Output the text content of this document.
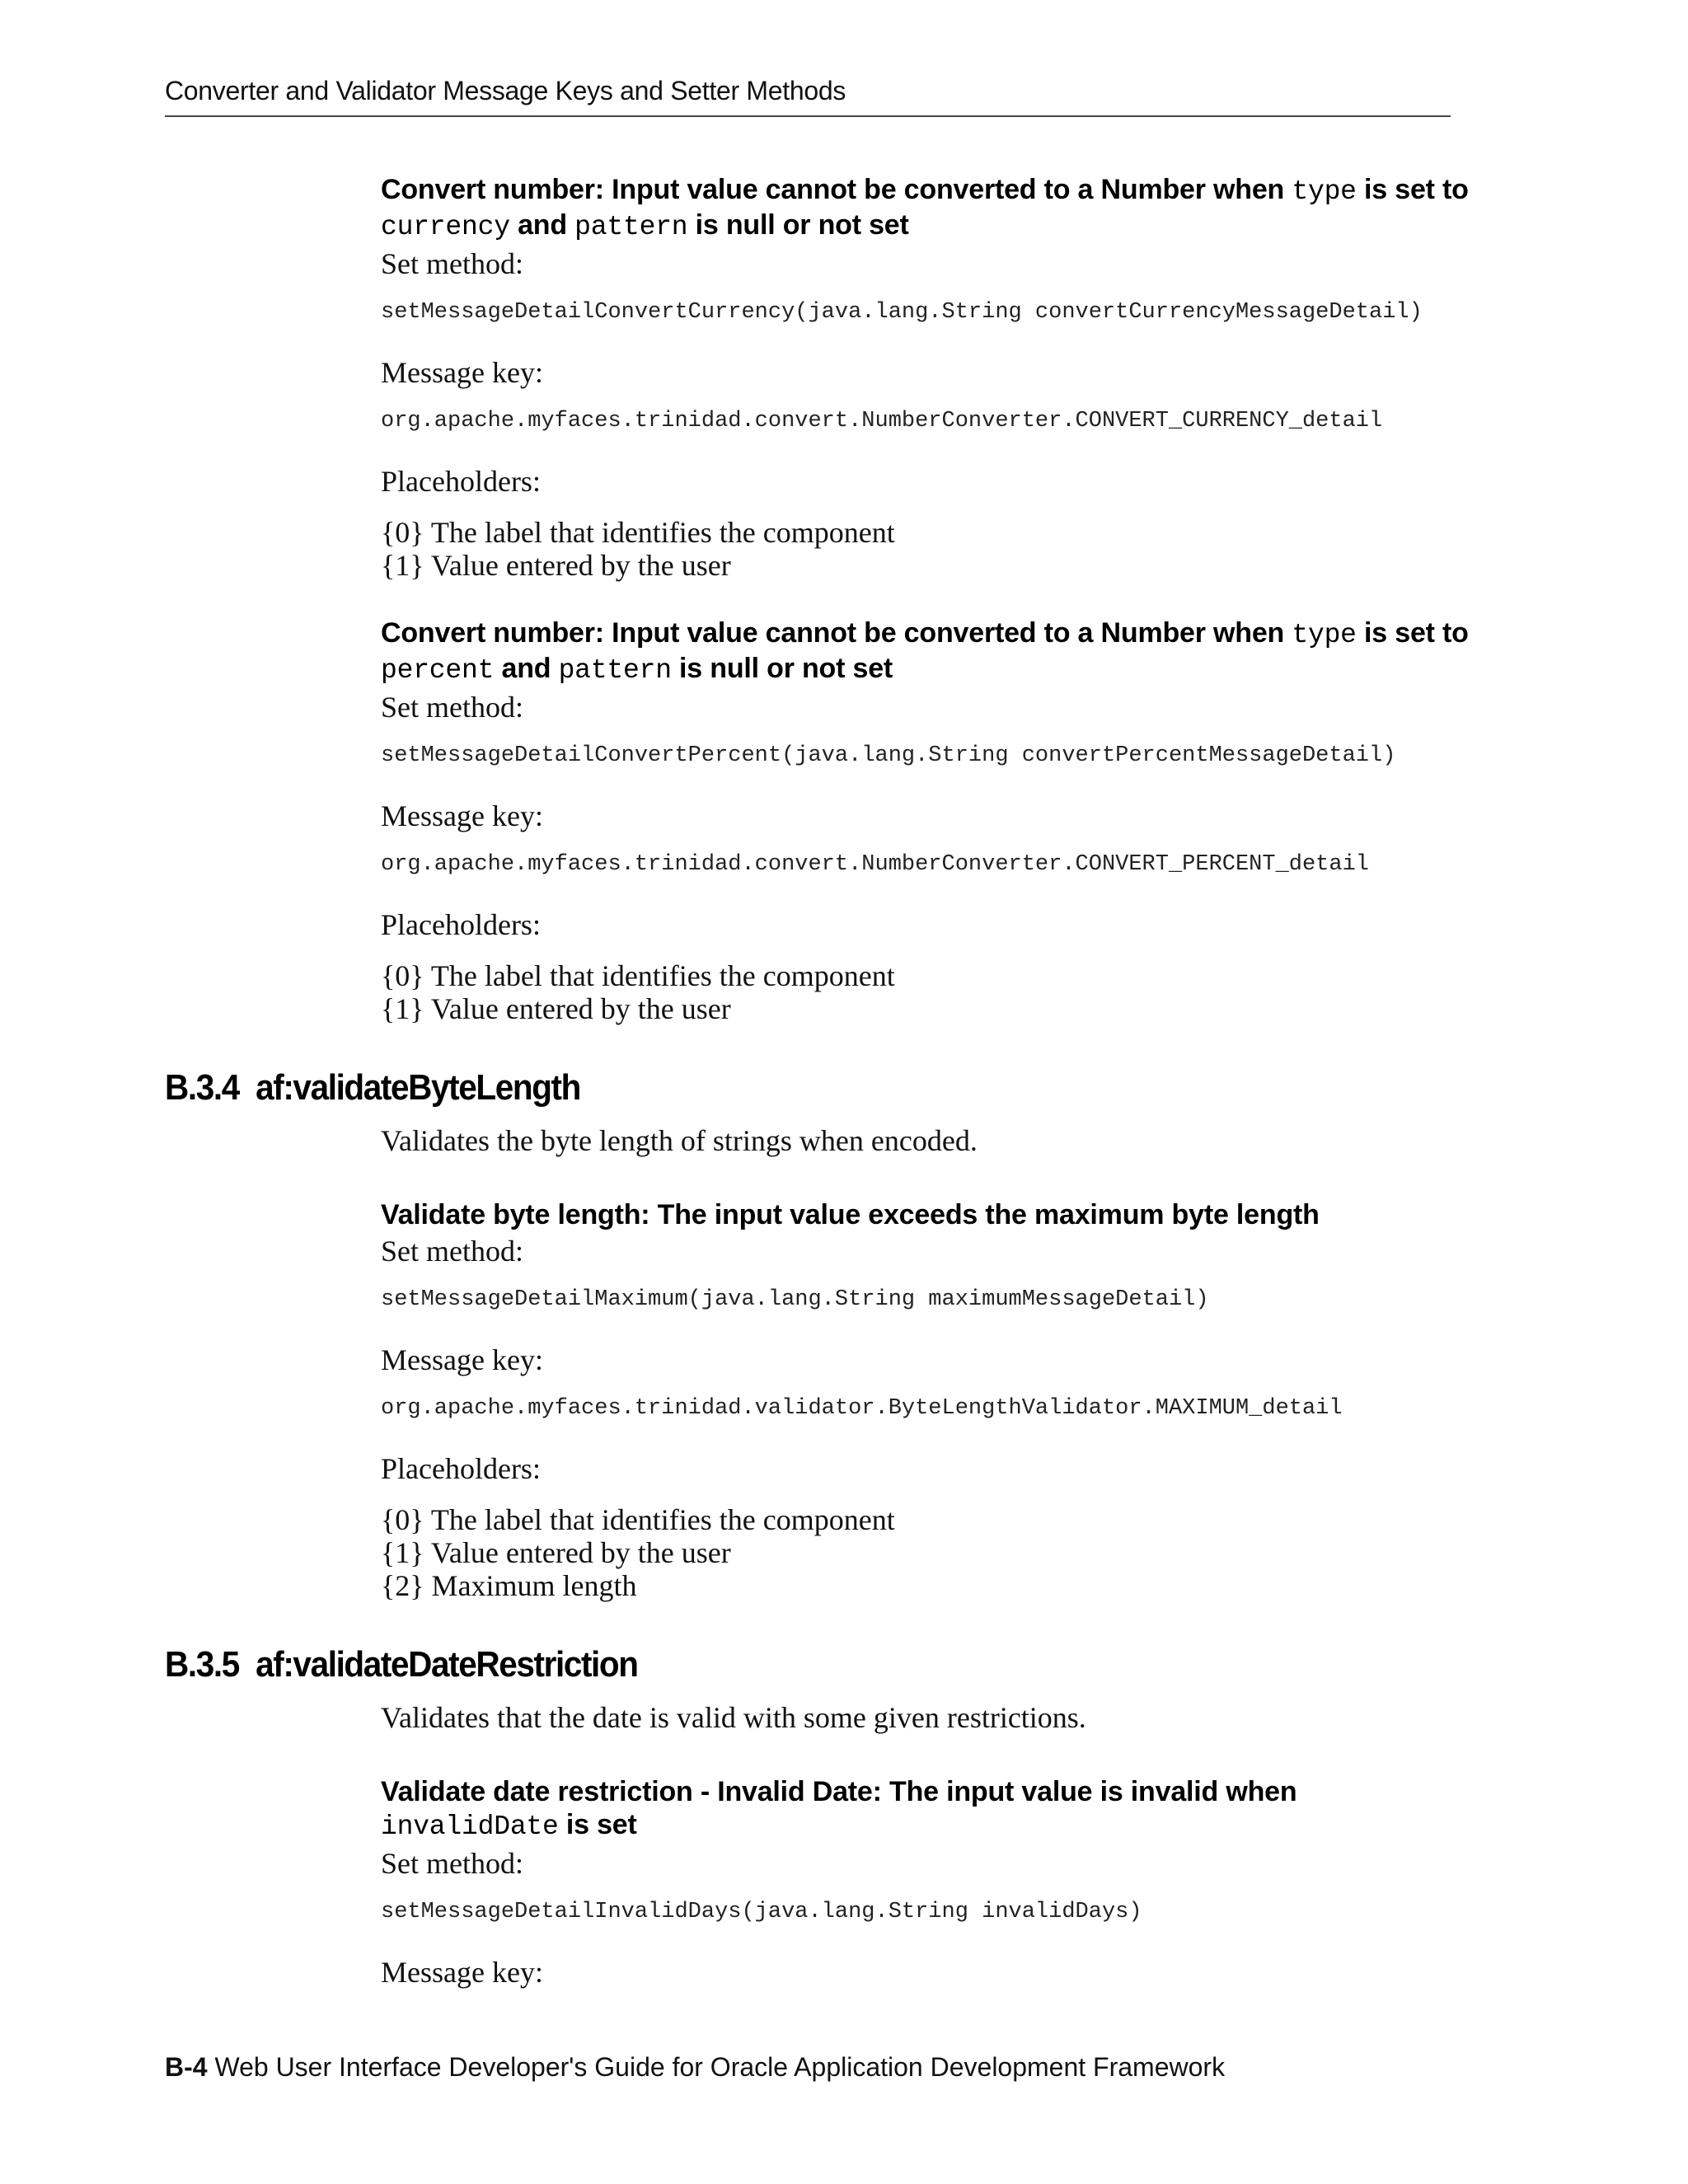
Converter and Validator Message Keys and Setter Methods
Convert number: Input value cannot be converted to a Number when type is set to
currency and pattern is null or not set
Set method:
setMessageDetailConvertCurrency(java.lang.String convertCurrencyMessageDetail)
Message key:
org.apache.myfaces.trinidad.convert.NumberConverter.CONVERT_CURRENCY_detail
Placeholders:
{0} The label that identifies the component
{1} Value entered by the user
Convert number: Input value cannot be converted to a Number when type is set to
percent and pattern is null or not set
Set method:
setMessageDetailConvertPercent(java.lang.String convertPercentMessageDetail)
Message key:
org.apache.myfaces.trinidad.convert.NumberConverter.CONVERT_PERCENT_detail
Placeholders:
{0} The label that identifies the component
{1} Value entered by the user
B.3.4 af:validateByteLength
Validates the byte length of strings when encoded.
Validate byte length: The input value exceeds the maximum byte length
Set method:
setMessageDetailMaximum(java.lang.String maximumMessageDetail)
Message key:
org.apache.myfaces.trinidad.validator.ByteLengthValidator.MAXIMUM_detail
Placeholders:
{0} The label that identifies the component
{1} Value entered by the user
{2} Maximum length
B.3.5 af:validateDateRestriction
Validates that the date is valid with some given restrictions.
Validate date restriction - Invalid Date: The input value is invalid when
invalidDate is set
Set method:
setMessageDetailInvalidDays(java.lang.String invalidDays)
Message key:
B-4 Web User Interface Developer's Guide for Oracle Application Development Framework
